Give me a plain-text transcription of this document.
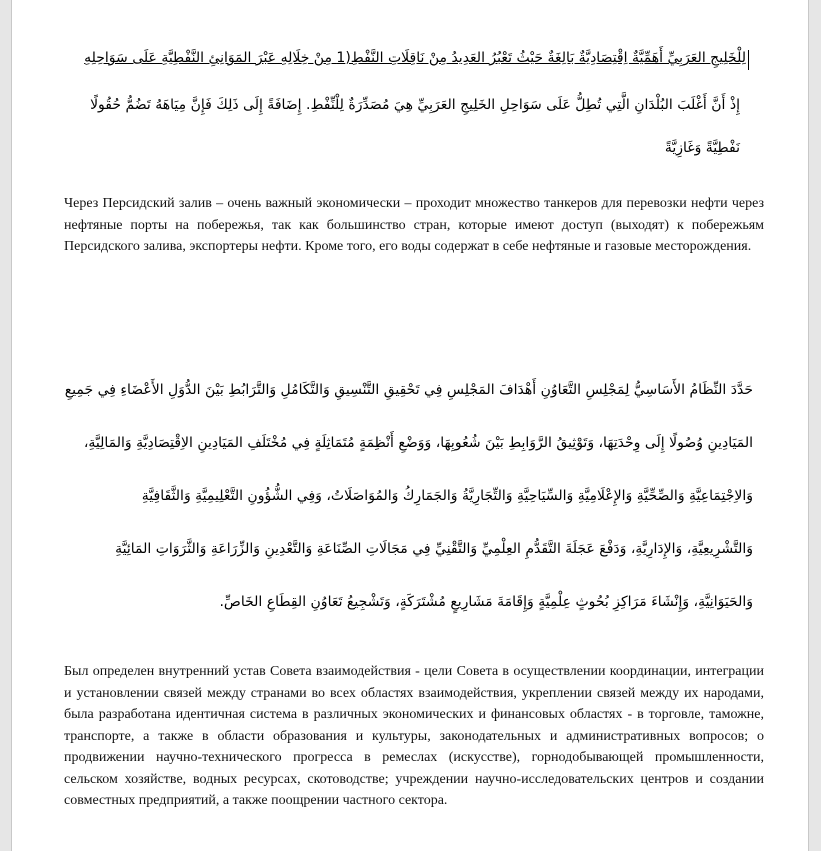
لِلْخَلِيجِ العَرَبِيِّ أَهَمِّيَّةٌ اِقْتِصَادِيَّةٌ بَالِغَةٌ حَيْثُ تَعْبُرُ العَدِيدُ مِنْ نَاقِلَاتِ النَّفْطِ(1 مِنْ خِلَالِهِ عَبْرَ المَوَانِئِ النَّفْطِيَّةِ عَلَى سَوَاحِلِهِ
إِذْ أَنَّ أَغْلَبَ البُلْدَانِ الَّتِي تُطِلُّ عَلَى سَوَاحِلِ الخَلِيجِ العَرَبِيِّ هِيَ مُصَدِّرَةٌ لِلْنِّفْطِ. إِضَافَةً إِلَى ذَلِكَ فَإِنَّ مِيَاهَهُ تَضُمُّ حُقُولًا
نَفْطِيَّةً وَغَازِيَّةً

Через Персидский залив – очень важный экономически – проходит множество танкеров для перевозки нефти через нефтяные порты на побережья, так как большинство стран, которые имеют доступ (выходят) к побережьям Персидского залива, экспортеры нефти. Кроме того, его воды содержат в себе нефтяные и газовые месторождения.

حَدَّدَ النِّظَامُ الأَسَاسِيُّ لِمَجْلِسِ التَّعَاوُنِ أَهْدَافَ المَجْلِسِ فِي تَحْقِيقِ التَّنْسِيقِ وَالتَّكَامُلِ وَالتَّرَابُطِ بَيْنَ الدُّوَلِ الأَعْضَاءِ فِي جَمِيعِ
المَيَادِينِ وُصُولًا إِلَى وِحْدَتِهَا، وَتَوْثِيقُ الرَّوَابِطِ بَيْنَ شُعُوبِهَا، وَوَضْعِ أَنْظِمَةٍ مُتَمَاثِلَةٍ فِي مُخْتَلَفِ المَيَادِينِ الاِقْتِصَادِيَّةِ وَالمَالِيَّةِ،
وَالاِجْتِمَاعِيَّةِ وَالصِّحِّيَّةِ وَالإِعْلَامِيَّةِ وَالسِّيَاحِيَّةِ وَالتِّجَارِيَّةُ وَالجَمَارِكُ وَالمُوَاصَلَاتُ، وَفِي الشُّؤُونِ التَّعْلِيمِيَّةِ وَالثَّقَافِيَّةِ
وَالتَّشْرِيعِيَّةِ، وَالإِدَارِيَّةِ، وَدَفْعَ عَجَلَةَ التَّقَدُّمِ العِلْمِيِّ وَالتَّقْنِيِّ فِي مَجَالَاتِ الصِّنَاعَةِ وَالتَّعْدِينِ وَالزِّرَاعَةِ وَالثَّرَوَاتِ المَائِيَّةِ
وَالحَيَوَانِيَّةِ، وَإِنْشَاءَ مَرَاكِزِ بُحُوثٍ عِلْمِيَّةٍ وَإِقَامَةَ مَشَارِيعٍ مُشْتَرَكَةٍ، وَتَشْجِيعُ تَعَاوُنِ القِطَاعِ الخَاصِّ.

Был определен внутренний устав Совета взаимодействия - цели Совета в осуществлении координации, интеграции и установлении связей между странами во всех областях взаимодействия, укреплении связей между их народами, была разработана идентичная система в различных экономических и финансовых областях - в торговле, таможне, транспорте, а также в области образования и культуры, законодательных и административных вопросов; о продвижении научно-технического прогресса в ремеслах (искусстве), горнодобывающей промышленности, сельском хозяйстве, водных ресурсах, скотоводстве; учреждении научно-исследовательских центров и создании совместных предприятий, а также поощрении частного сектора.
